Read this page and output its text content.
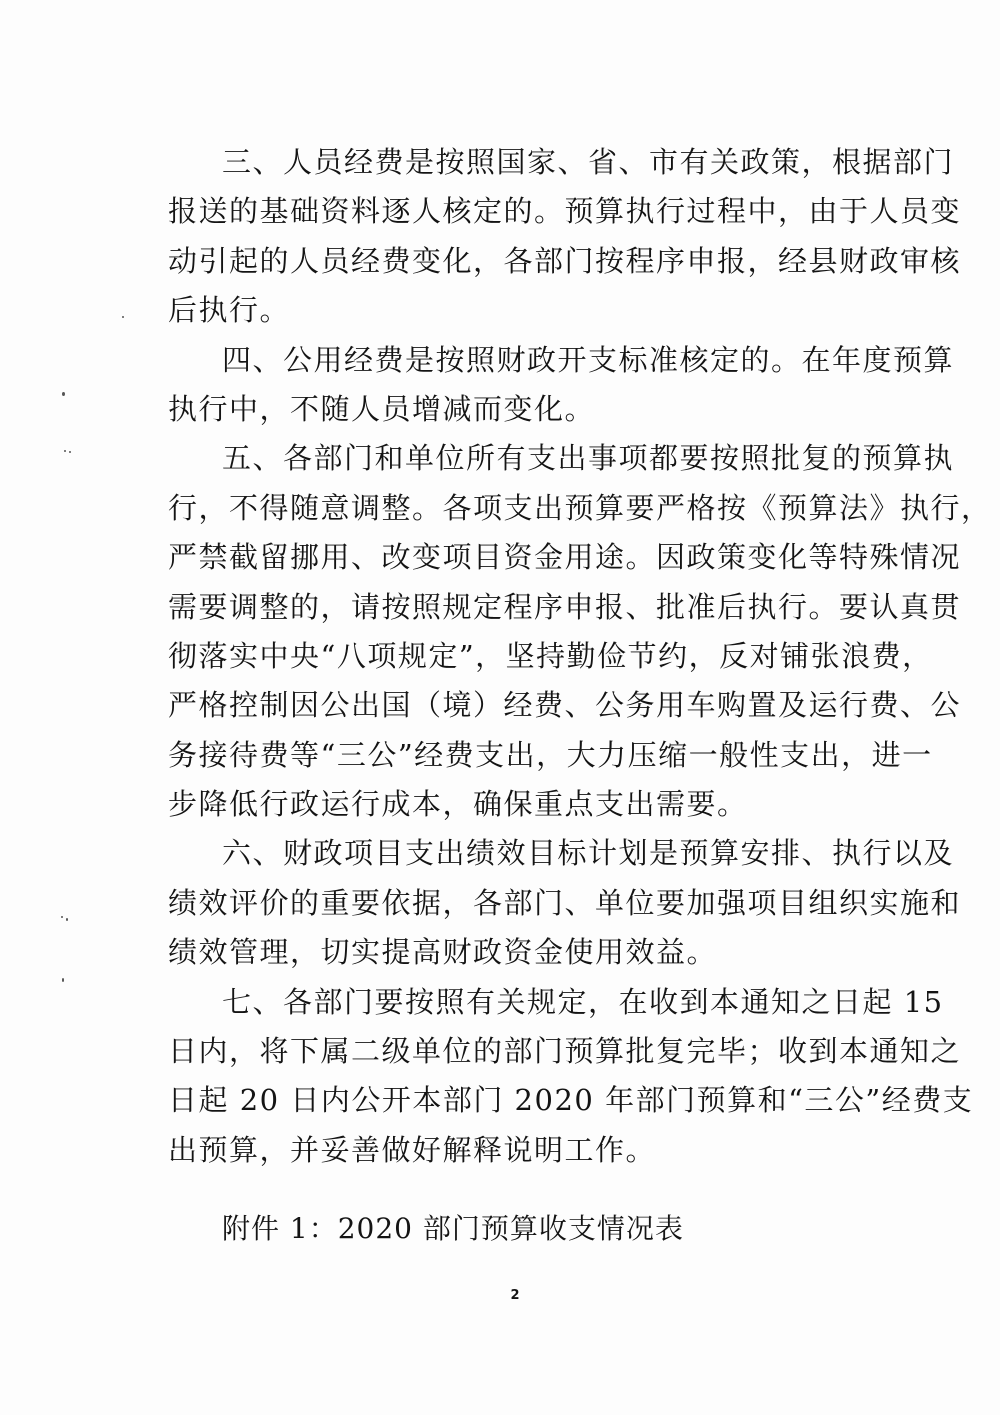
三、人员经费是按照国家、省、市有关政策，根据部门
报送的基础资料逐人核定的。预算执行过程中，由于人员变
动引起的人员经费变化，各部门按程序申报，经县财政审核
后执行。
四、公用经费是按照财政开支标准核定的。在年度预算
执行中，不随人员增减而变化。
五、各部门和单位所有支出事项都要按照批复的预算执
行，不得随意调整。各项支出预算要严格按《预算法》执行，
严禁截留挪用、改变项目资金用途。因政策变化等特殊情况
需要调整的，请按照规定程序申报、批准后执行。要认真贯
彻落实中央“八项规定”，坚持勤俭节约，反对铺张浪费，
严格控制因公出国（境）经费、公务用车购置及运行费、公
务接待费等“三公”经费支出，大力压缩一般性支出，进一
步降低行政运行成本，确保重点支出需要。
六、财政项目支出绩效目标计划是预算安排、执行以及
绩效评价的重要依据，各部门、单位要加强项目组织实施和
绩效管理，切实提高财政资金使用效益。
七、各部门要按照有关规定，在收到本通知之日起 15
日内，将下属二级单位的部门预算批复完毕；收到本通知之
日起 20 日内公开本部门 2020 年部门预算和“三公”经费支
出预算，并妥善做好解释说明工作。
附件 1：2020 部门预算收支情况表
2
